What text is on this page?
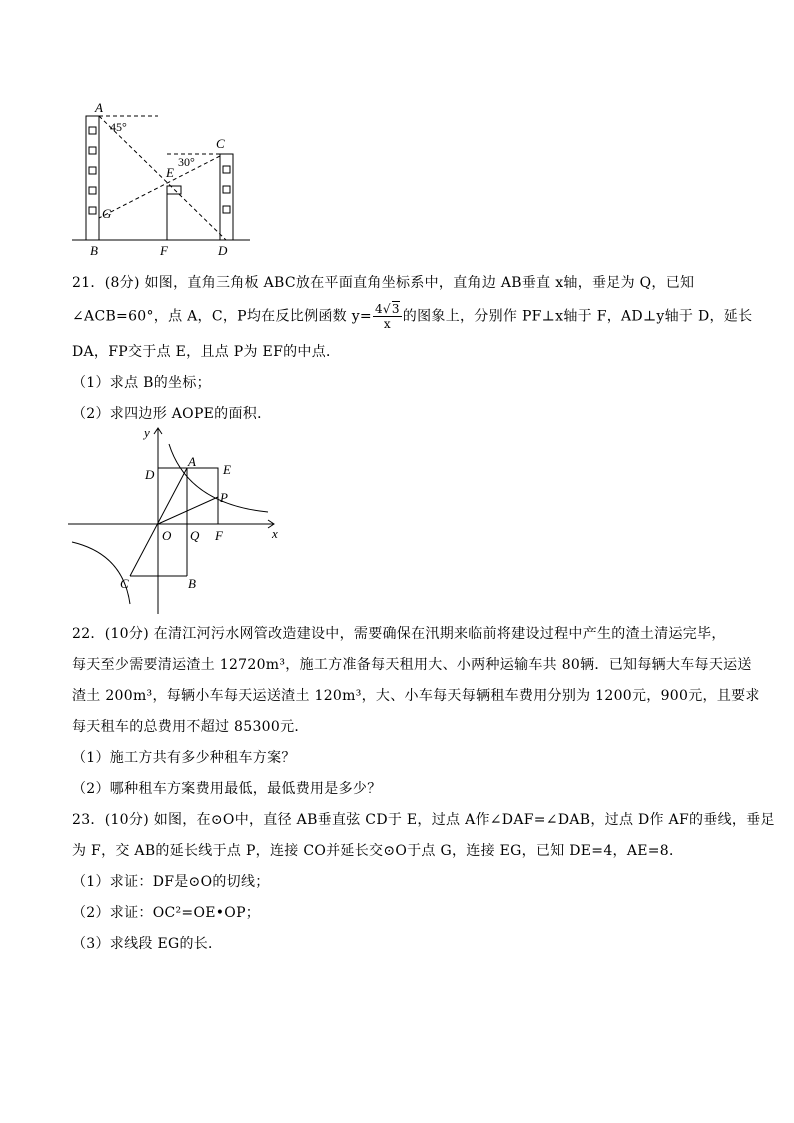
A
45°
C
30°
E
G
B	F	D
21．(8分) 如图，直角三角板 ABC放在平面直角坐标系中，直角边 AB垂直 x轴，垂足为 Q，已知
∠ACB=60°，点 A，C，P均在反比例函数 $y= \frac{4√3}{x}$ 的图象上，分别作 PF⊥x轴于 F，AD⊥y轴于 D，延长
DA，FP交于点 E，且点 P为 EF的中点．
（1）求点 B的坐标；
（2）求四边形 AOPE的面积．
y
x
D
A
E
P
O Q F
C	B
22．(10分) 在清江河污水网管改造建设中，需要确保在汛期来临前将建设过程中产生的渣土清运完毕，
每天至少需要清运渣土 12720m³，施工方准备每天租用大、小两种运输车共 80辆．已知每辆大车每天运送
渣土 200m³，每辆小车每天运送渣土 120m³，大、小车每天每辆租车费用分别为 1200元，900元，且要求
每天租车的总费用不超过 85300元．
（1）施工方共有多少种租车方案？
（2）哪种租车方案费用最低，最低费用是多少？
23．(10分) 如图，在⊙O中，直径 AB垂直弦 CD于 E，过点 A作∠DAF=∠DAB，过点 D作 AF的垂线，垂足
为 F，交 AB的延长线于点 P，连接 CO并延长交⊙O于点 G，连接 EG，已知 DE=4，AE=8．
（1）求证：DF是⊙O的切线；
（2）求证：OC²=OE•OP；
（3）求线段 EG的长．
